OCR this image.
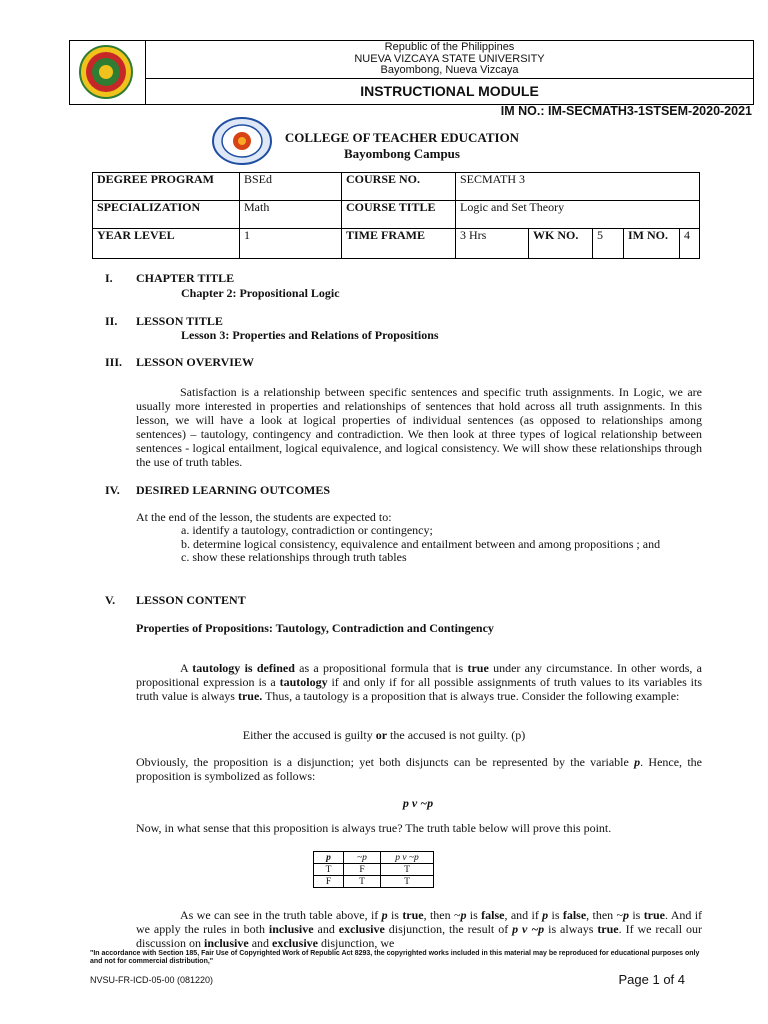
Republic of the Philippines
NUEVA VIZCAYA STATE UNIVERSITY
Bayombong, Nueva Vizcaya
INSTRUCTIONAL MODULE
IM NO.: IM-SECMATH3-1STSEM-2020-2021
COLLEGE OF TEACHER EDUCATION
Bayombong Campus
DEGREE PROGRAM	BSEd	COURSE NO.	SECMATH 3				
SPECIALIZATION	Math	COURSE TITLE	Logic and Set Theory				
YEAR LEVEL	1	TIME FRAME	3 Hrs	WK NO.	5	IM NO.	4
I. CHAPTER TITLE
Chapter 2: Propositional Logic
II. LESSON TITLE
Lesson 3: Properties and Relations of Propositions
III. LESSON OVERVIEW
Satisfaction is a relationship between specific sentences and specific truth assignments. In Logic, we are usually more interested in properties and relationships of sentences that hold across all truth assignments. In this lesson, we will have a look at logical properties of individual sentences (as opposed to relationships among sentences) – tautology, contingency and contradiction. We then look at three types of logical relationship between sentences - logical entailment, logical equivalence, and logical consistency. We will show these relationships through the use of truth tables.
IV. DESIRED LEARNING OUTCOMES
At the end of the lesson, the students are expected to:
a. identify a tautology, contradiction or contingency;
b. determine logical consistency, equivalence and entailment between and among propositions ; and
c. show these relationships through truth tables
V. LESSON CONTENT
Properties of Propositions: Tautology, Contradiction and Contingency
A tautology is defined as a propositional formula that is true under any circumstance. In other words, a propositional expression is a tautology if and only if for all possible assignments of truth values to its variables its truth value is always true. Thus, a tautology is a proposition that is always true. Consider the following example:
Either the accused is guilty or the accused is not guilty. (p)
Obviously, the proposition is a disjunction; yet both disjuncts can be represented by the variable p. Hence, the proposition is symbolized as follows:
p v ~p
Now, in what sense that this proposition is always true? The truth table below will prove this point.
p	~p	p v ~p
T	F	T
F	T	T
As we can see in the truth table above, if p is true, then ~p is false, and if p is false, then ~p is true. And if we apply the rules in both inclusive and exclusive disjunction, the result of p v ~p is always true. If we recall our discussion on inclusive and exclusive disjunction, we
"In accordance with Section 185, Fair Use of Copyrighted Work of Republic Act 8293, the copyrighted works included in this material may be reproduced for educational purposes only and not for commercial distribution,"
NVSU-FR-ICD-05-00 (081220)	Page 1 of 4
